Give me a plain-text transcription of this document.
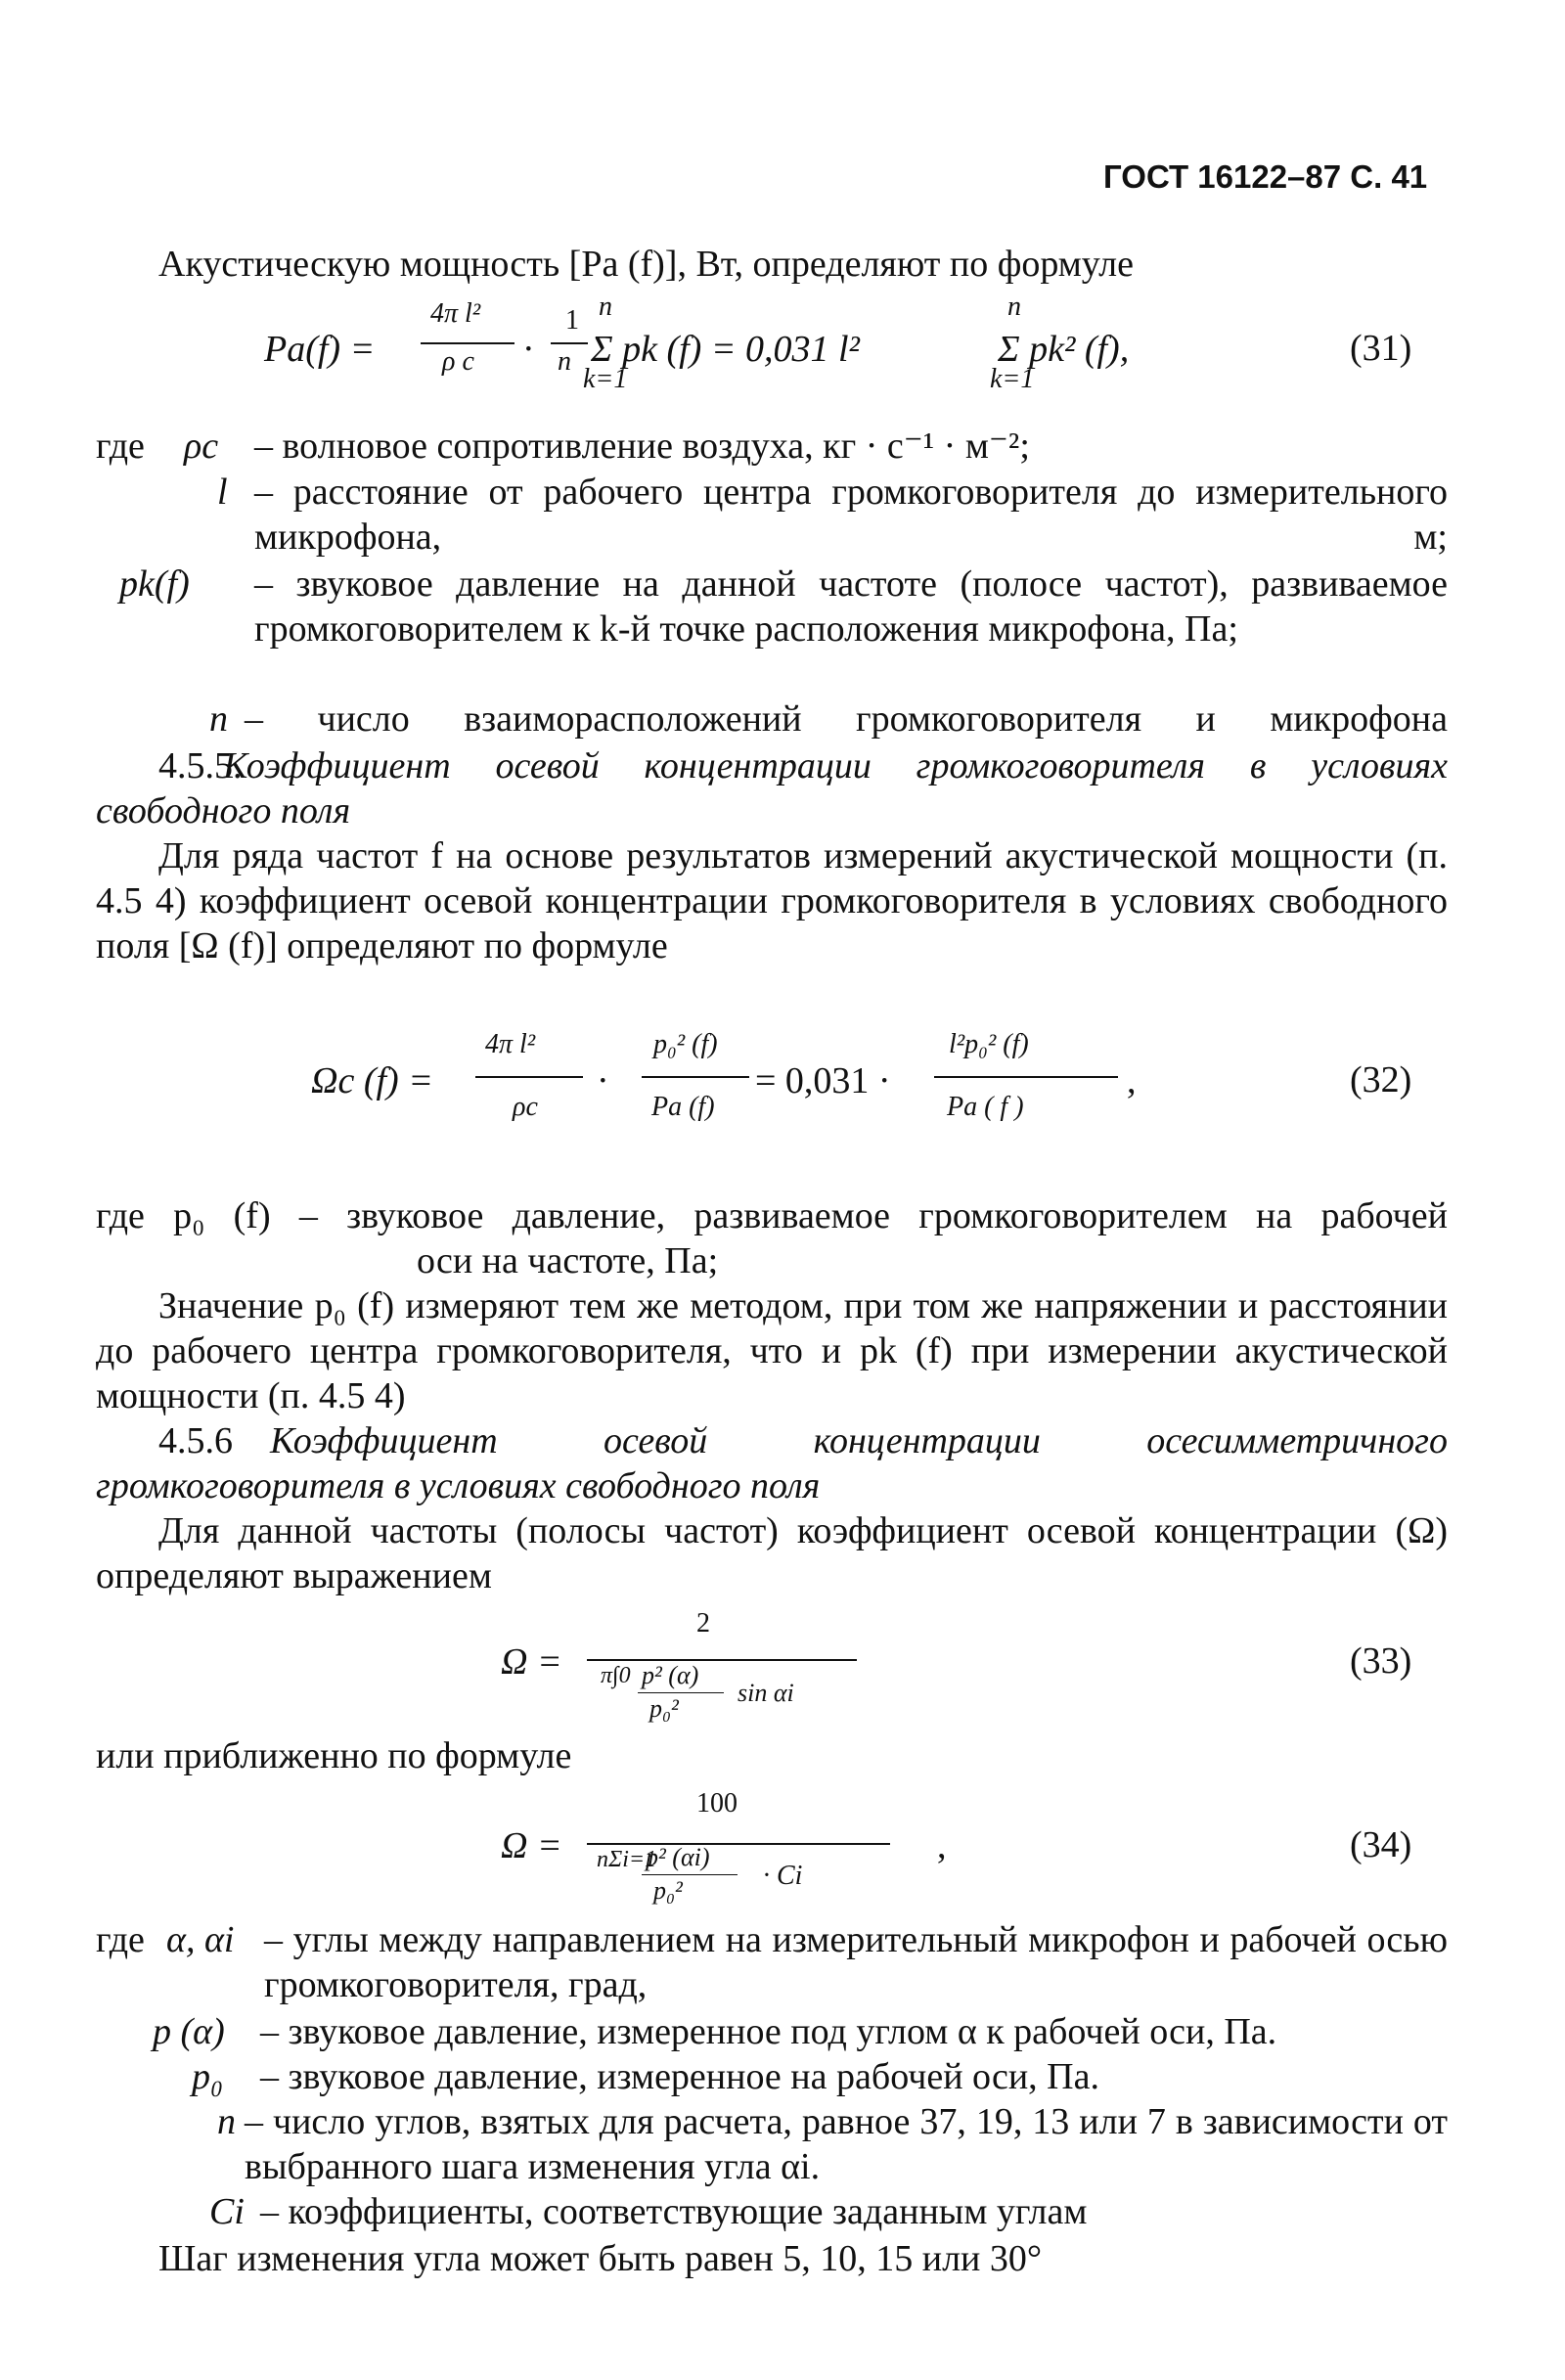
ГОСТ 16122–87 С. 41
Акустическую мощность [Pa (f)], Вт, определяют по формуле
Pa(f) =
4π l²
ρ c ·
1
n
n
k=1
Σ pk (f) = 0,031 l²
n
k=1
Σ pk² (f),	(31)
где ρc – волновое сопротивление воздуха, кг · с⁻¹ · м⁻²;
l – расстояние от рабочего центра громкоговорителя до измерительного микрофона, м;
pk(f) – звуковое давление на данной частоте (полосе частот), развиваемое громкоговорителем к k-й точке расположения микрофона, Па;
n – число взаиморасположений громкоговорителя и микрофона
4.5.5.
Коэффициент осевой концентрации громкоговорителя в условиях свободного поля
Для ряда частот f на основе результатов измерений акустической мощности (п. 4.5 4) коэффициент осевой концентрации громкоговорителя в условиях свободного поля [Ω (f)] определяют по формуле
Ωc (f) =
4π l²
ρc
·
p₀² (f)
Pa (f)
= 0,031 ·
l²p₀² (f)
Pa ( f )
,	(32)
где p₀ (f) – звуковое давление, развиваемое громкоговорителем на рабочей
оси на частоте, Па;
Значение p₀ (f) измеряют тем же методом, при том же напряжении и расстоянии до рабочего центра громкоговорителя, что и pk (f) при измерении акустической мощности (п. 4.5 4)
4.5.6	Коэффициент осевой концентрации осесимметричного громкоговорителя в условиях свободного поля
Для данной частоты (полосы частот) коэффициент осевой концентрации (Ω) определяют выражением
Ω =
2
π∫0 p² (α)
p₀²
sin αi
(33)
или приближенно по формуле
Ω =
100
nΣi=1
p² (αi)
p₀²	· Ci
,	(34)
где α, αi – углы между направлением на измерительный микрофон и рабочей осью громкоговорителя, град,
p (α) – звуковое давление, измеренное под углом α к рабочей оси, Па.
p₀ – звуковое давление, измеренное на рабочей оси, Па.
n – число углов, взятых для расчета, равное 37, 19, 13 или 7 в зависимости от выбранного шага изменения угла αi.
Ci – коэффициенты, соответствующие заданным углам
Шаг изменения угла может быть равен 5, 10, 15 или 30°
